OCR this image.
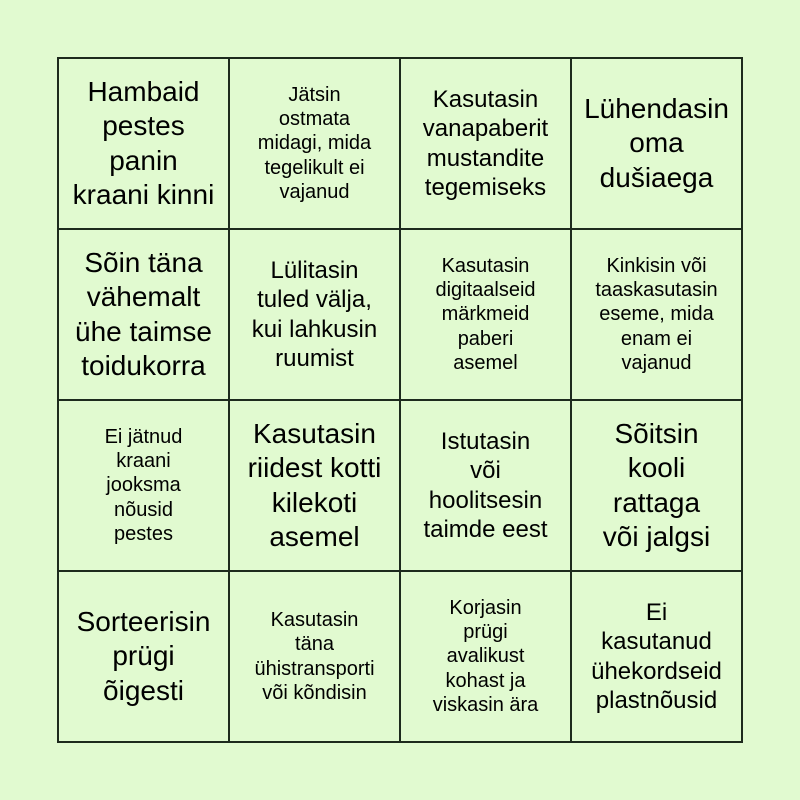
Hambaid
pestes
panin
kraani kinni
Jätsin
ostmata
midagi, mida
tegelikult ei
vajanud
Kasutasin
vanapaberit
mustandite
tegemiseks
Lühendasin
oma
dušiaega
Sõin täna
vähemalt
ühe taimse
toidukorra
Lülitasin
tuled välja,
kui lahkusin
ruumist
Kasutasin
digitaalseid
märkmeid
paberi
asemel
Kinkisin või
taaskasutasin
eseme, mida
enam ei
vajanud
Ei jätnud
kraani
jooksma
nõusid
pestes
Kasutasin
riidest kotti
kilekoti
asemel
Istutasin
või
hoolitsesin
taimde eest
Sõitsin
kooli
rattaga
või jalgsi
Sorteerisin
prügi
õigesti
Kasutasin
täna
ühistransporti
või kõndisin
Korjasin
prügi
avalikust
kohast ja
viskasin ära
Ei
kasutanud
ühekordseid
plastnõusid
